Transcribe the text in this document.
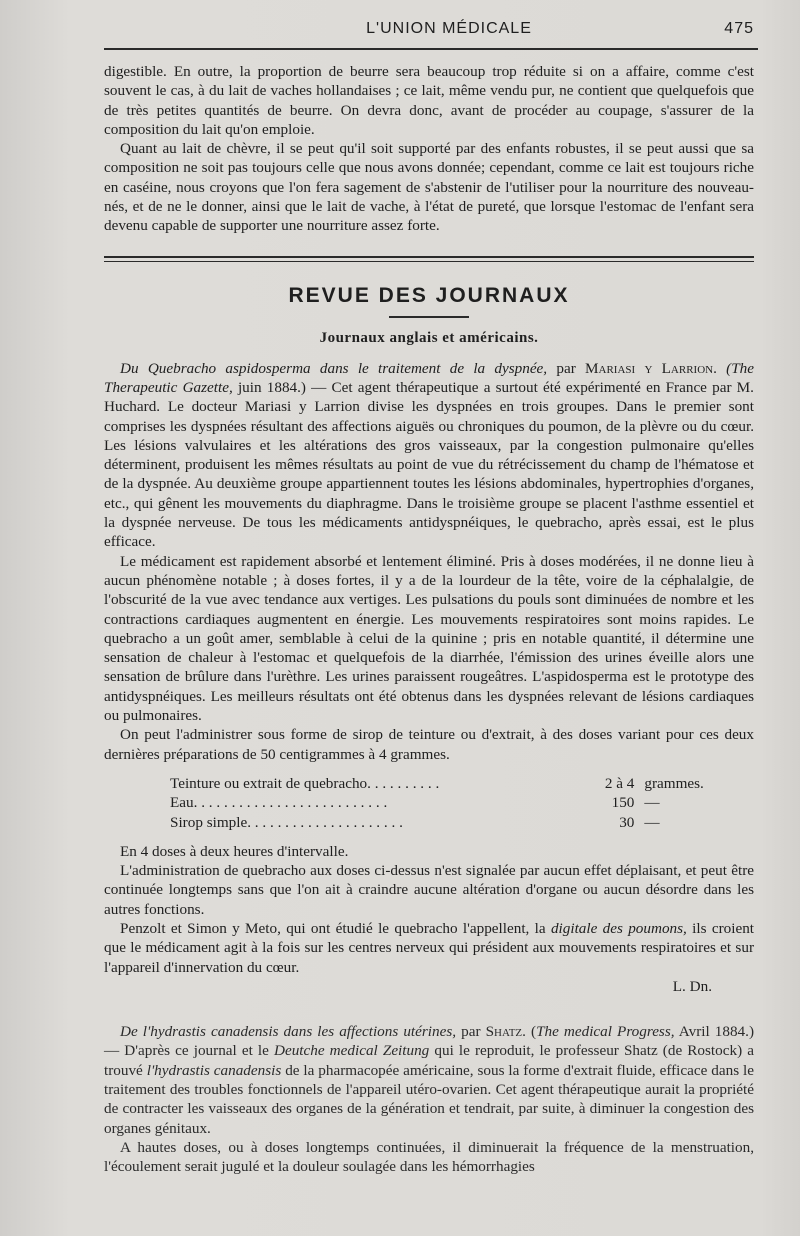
L'UNION MÉDICALE	475

digestible. En outre, la proportion de beurre sera beaucoup trop réduite si on a affaire, comme c'est souvent le cas, à du lait de vaches hollandaises ; ce lait, même vendu pur, ne contient que quelquefois que de très petites quantités de beurre. On devra donc, avant de procéder au coupage, s'assurer de la composition du lait qu'on emploie.

Quant au lait de chèvre, il se peut qu'il soit supporté par des enfants robustes, il se peut aussi que sa composition ne soit pas toujours celle que nous avons donnée; cependant, comme ce lait est toujours riche en caséine, nous croyons que l'on fera sagement de s'abstenir de l'utiliser pour la nourriture des nouveau-nés, et de ne le donner, ainsi que le lait de vache, à l'état de pureté, que lorsque l'estomac de l'enfant sera devenu capable de supporter une nourriture assez forte.

REVUE DES JOURNAUX
Journaux anglais et américains.

Du Quebracho aspidosperma dans le traitement de la dyspnée, par Mariasi y Larrion. (The Therapeutic Gazette, juin 1884.) — Cet agent thérapeutique a surtout été expérimenté en France par M. Huchard. Le docteur Mariasi y Larrion divise les dyspnées en trois groupes. Dans le premier sont comprises les dyspnées résultant des affections aiguës ou chroniques du poumon, de la plèvre ou du cœur. Les lésions valvulaires et les altérations des gros vaisseaux, par la congestion pulmonaire qu'elles déterminent, produisent les mêmes résultats au point de vue du rétrécissement du champ de l'hématose et de la dyspnée. Au deuxième groupe appartiennent toutes les lésions abdominales, hypertrophies d'organes, etc., qui gênent les mouvements du diaphragme. Dans le troisième groupe se placent l'asthme essentiel et la dyspnée nerveuse. De tous les médicaments antidyspnéiques, le quebracho, après essai, est le plus efficace.

Le médicament est rapidement absorbé et lentement éliminé. Pris à doses modérées, il ne donne lieu à aucun phénomène notable ; à doses fortes, il y a de la lourdeur de la tête, voire de la céphalalgie, de l'obscurité de la vue avec tendance aux vertiges. Les pulsations du pouls sont diminuées de nombre et les contractions cardiaques augmentent en énergie. Les mouvements respiratoires sont moins rapides. Le quebracho a un goût amer, semblable à celui de la quinine ; pris en notable quantité, il détermine une sensation de chaleur à l'estomac et quelquefois de la diarrhée, l'émission des urines éveille alors une sensation de brûlure dans l'urèthre. Les urines paraissent rougeâtres. L'aspidosperma est le prototype des antidyspnéiques. Les meilleurs résultats ont été obtenus dans les dyspnées relevant de lésions cardiaques ou pulmonaires.

On peut l'administrer sous forme de sirop de teinture ou d'extrait, à des doses variant pour ces deux dernières préparations de 50 centigrammes à 4 grammes.

Teinture ou extrait de quebracho. . . . . . . . . .	2 à 4 grammes.
Eau. . . . . . . . . . . . . . . . . . . . . . . . . .	150 —
Sirop simple. . . . . . . . . . . . . . . . . . . . .	30 —

En 4 doses à deux heures d'intervalle.

L'administration de quebracho aux doses ci-dessus n'est signalée par aucun effet déplaisant, et peut être continuée longtemps sans que l'on ait à craindre aucune altération d'organe ou aucun désordre dans les autres fonctions.

Penzolt et Simon y Meto, qui ont étudié le quebracho l'appellent, la digitale des poumons, ils croient que le médicament agit à la fois sur les centres nerveux qui président aux mouvements respiratoires et sur l'appareil d'innervation du cœur.

L. Dn.

De l'hydrastis canadensis dans les affections utérines, par Shatz. (The medical Progress, Avril 1884.) — D'après ce journal et le Deutche medical Zeitung qui le reproduit, le professeur Shatz (de Rostock) a trouvé l'hydrastis canadensis de la pharmacopée américaine, sous la forme d'extrait fluide, efficace dans le traitement des troubles fonctionnels de l'appareil utéro-ovarien. Cet agent thérapeutique aurait la propriété de contracter les vaisseaux des organes de la génération et tendrait, par suite, à diminuer la congestion des organes génitaux.

A hautes doses, ou à doses longtemps continuées, il diminuerait la fréquence de la menstruation, l'écoulement serait jugulé et la douleur soulagée dans les hémorrhagies
